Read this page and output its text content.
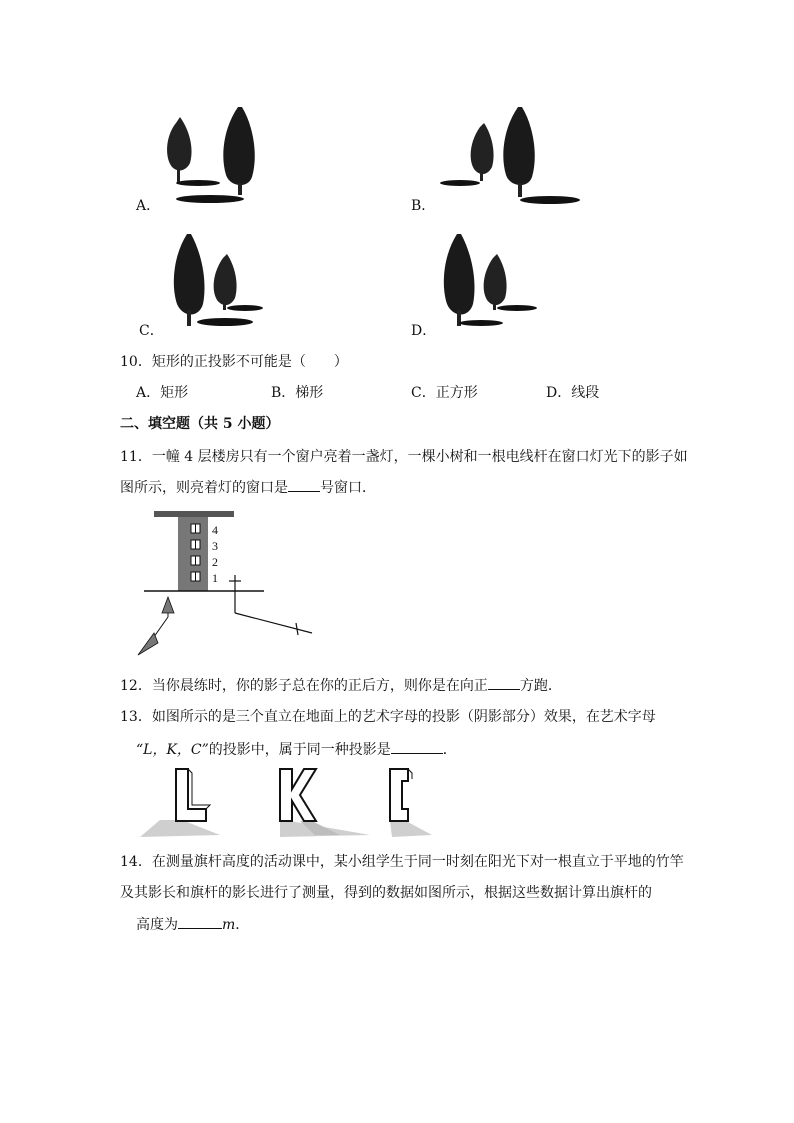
A．	B．
C．	D．
10．矩形的正投影不可能是（　　）
A．矩形	B．梯形	C．正方形	D．线段
二、填空题（共 5 小题）
11．一幢 4 层楼房只有一个窗户亮着一盏灯，一棵小树和一根电线杆在窗口灯光下的影子如
图所示，则亮着灯的窗口是 号窗口．
4
3
2
1
12．当你晨练时，你的影子总在你的正后方，则你是在向正 方跑．
13．如图所示的是三个直立在地面上的艺术字母的投影（阴影部分）效果，在艺术字母
“L，K，C”的投影中，属于同一种投影是	．
14．在测量旗杆高度的活动课中，某小组学生于同一时刻在阳光下对一根直立于平地的竹竿
及其影长和旗杆的影长进行了测量，得到的数据如图所示，根据这些数据计算出旗杆的
高度为	m．
